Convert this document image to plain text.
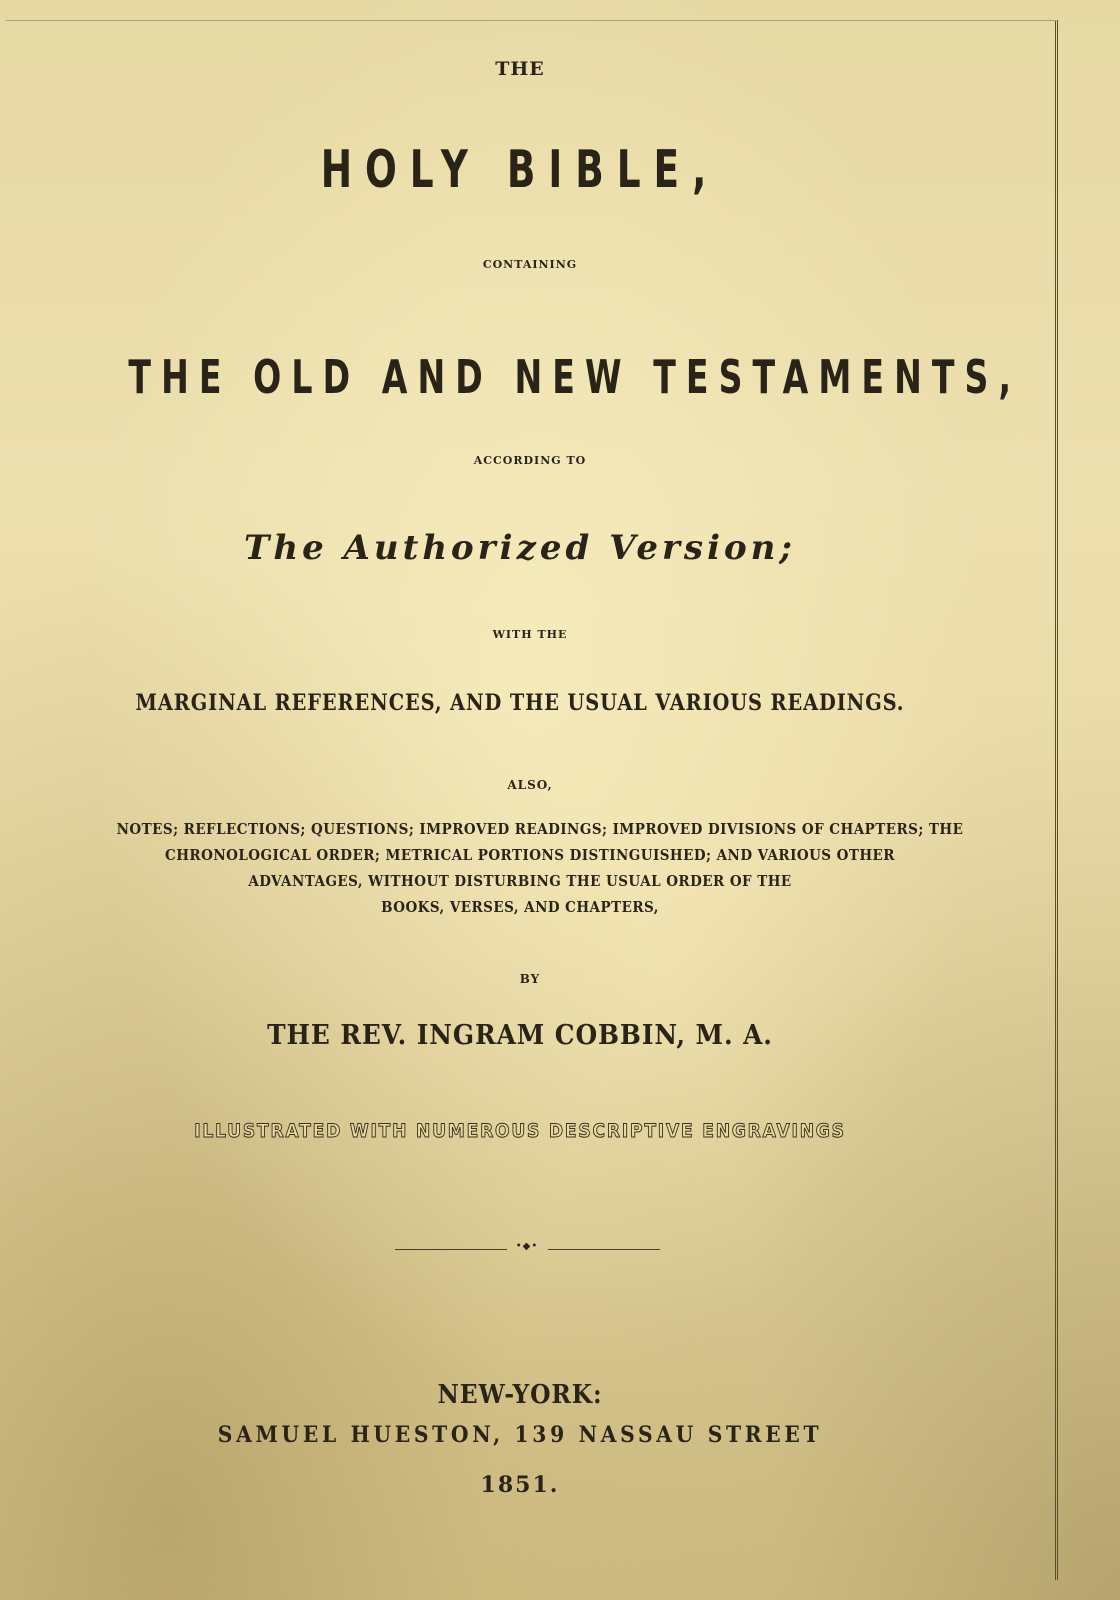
THE
HOLY BIBLE,
CONTAINING
THE OLD AND NEW TESTAMENTS,
ACCORDING TO
The Authorized Version;
WITH THE
MARGINAL REFERENCES, AND THE USUAL VARIOUS READINGS.
ALSO,
NOTES; REFLECTIONS; QUESTIONS; IMPROVED READINGS; IMPROVED DIVISIONS OF CHAPTERS; THE
CHRONOLOGICAL ORDER; METRICAL PORTIONS DISTINGUISHED; AND VARIOUS OTHER
ADVANTAGES, WITHOUT DISTURBING THE USUAL ORDER OF THE
BOOKS, VERSES, AND CHAPTERS,
BY
THE REV. INGRAM COBBIN, M. A.
ILLUSTRATED WITH NUMEROUS DESCRIPTIVE ENGRAVINGS
•◆•
NEW-YORK:
SAMUEL HUESTON, 139 NASSAU STREET
1851.
